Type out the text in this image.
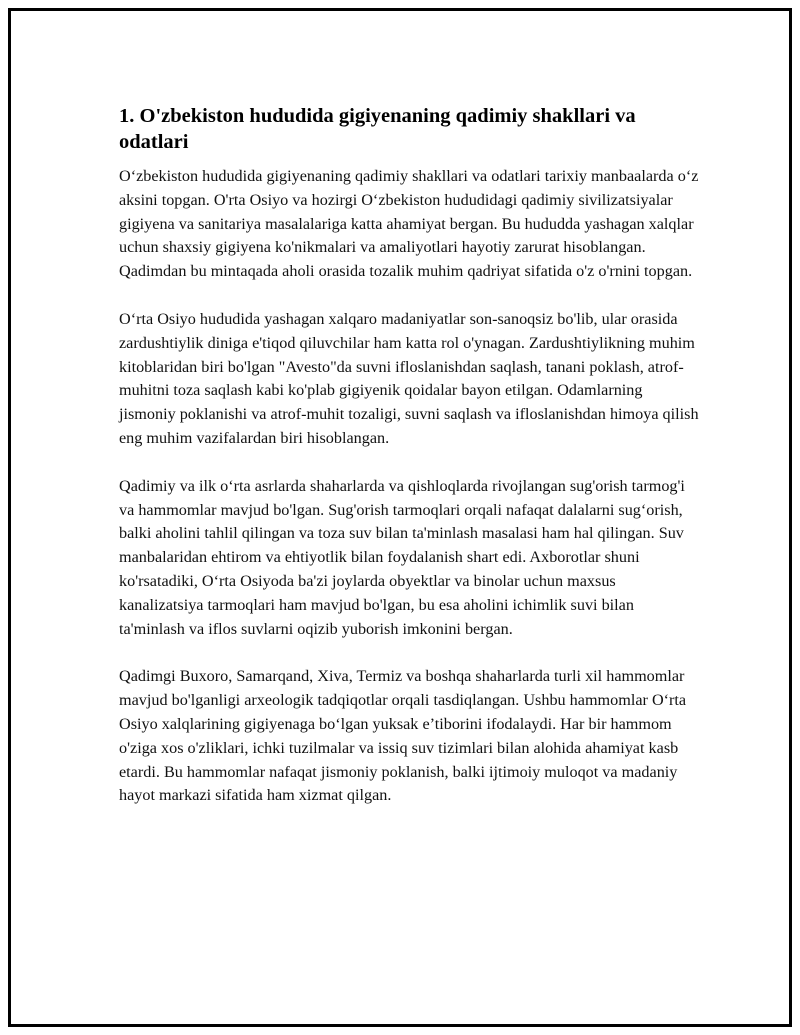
1. O'zbekiston hududida gigiyenaning qadimiy shakllari va odatlari

O‘zbekiston hududida gigiyenaning qadimiy shakllari va odatlari tarixiy manbaalarda o‘z aksini topgan. O'rta Osiyo va hozirgi O‘zbekiston hududidagi qadimiy sivilizatsiyalar gigiyena va sanitariya masalalariga katta ahamiyat bergan. Bu hududda yashagan xalqlar uchun shaxsiy gigiyena ko'nikmalari va amaliyotlari hayotiy zarurat hisoblangan. Qadimdan bu mintaqada aholi orasida tozalik muhim qadriyat sifatida o'z o'rnini topgan.

O‘rta Osiyo hududida yashagan xalqaro madaniyatlar son-sanoqsiz bo'lib, ular orasida zardushtiylik diniga e'tiqod qiluvchilar ham katta rol o'ynagan. Zardushtiylikning muhim kitoblaridan biri bo'lgan "Avesto"da suvni ifloslanishdan saqlash, tanani poklash, atrof-muhitni toza saqlash kabi ko'plab gigiyenik qoidalar bayon etilgan. Odamlarning jismoniy poklanishi va atrof-muhit tozaligi, suvni saqlash va ifloslanishdan himoya qilish eng muhim vazifalardan biri hisoblangan.

Qadimiy va ilk o‘rta asrlarda shaharlarda va qishloqlarda rivojlangan sug'orish tarmog'i va hammomlar mavjud bo'lgan. Sug'orish tarmoqlari orqali nafaqat dalalarni sug‘orish, balki aholini tahlil qilingan va toza suv bilan ta'minlash masalasi ham hal qilingan. Suv manbalaridan ehtirom va ehtiyotlik bilan foydalanish shart edi. Axborotlar shuni ko'rsatadiki, O‘rta Osiyoda ba'zi joylarda obyektlar va binolar uchun maxsus kanalizatsiya tarmoqlari ham mavjud bo'lgan, bu esa aholini ichimlik suvi bilan ta'minlash va iflos suvlarni oqizib yuborish imkonini bergan.

Qadimgi Buxoro, Samarqand, Xiva, Termiz va boshqa shaharlarda turli xil hammomlar mavjud bo'lganligi arxeologik tadqiqotlar orqali tasdiqlangan. Ushbu hammomlar O‘rta Osiyo xalqlarining gigiyenaga bo‘lgan yuksak e’tiborini ifodalaydi. Har bir hammom o'ziga xos o'zliklari, ichki tuzilmalar va issiq suv tizimlari bilan alohida ahamiyat kasb etardi. Bu hammomlar nafaqat jismoniy poklanish, balki ijtimoiy muloqot va madaniy hayot markazi sifatida ham xizmat qilgan.
